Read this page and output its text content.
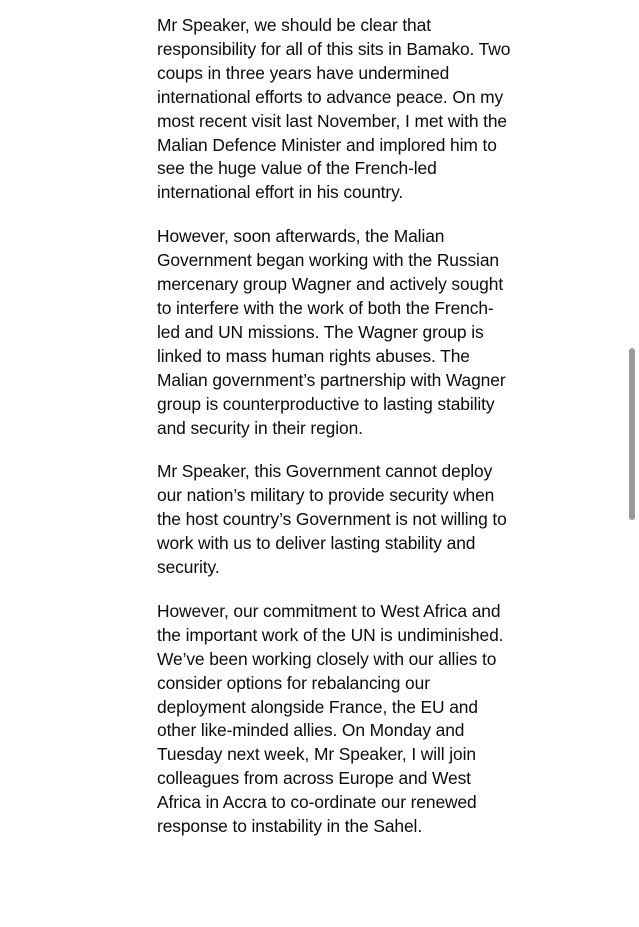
Mr Speaker, we should be clear that responsibility for all of this sits in Bamako. Two coups in three years have undermined international efforts to advance peace. On my most recent visit last November, I met with the Malian Defence Minister and implored him to see the huge value of the French-led international effort in his country.

However, soon afterwards, the Malian Government began working with the Russian mercenary group Wagner and actively sought to interfere with the work of both the French-led and UN missions. The Wagner group is linked to mass human rights abuses. The Malian government’s partnership with Wagner group is counterproductive to lasting stability and security in their region.

Mr Speaker, this Government cannot deploy our nation’s military to provide security when the host country’s Government is not willing to work with us to deliver lasting stability and security.

However, our commitment to West Africa and the important work of the UN is undiminished. We’ve been working closely with our allies to consider options for rebalancing our deployment alongside France, the EU and other like-minded allies. On Monday and Tuesday next week, Mr Speaker, I will join colleagues from across Europe and West Africa in Accra to co-ordinate our renewed response to instability in the Sahel.
